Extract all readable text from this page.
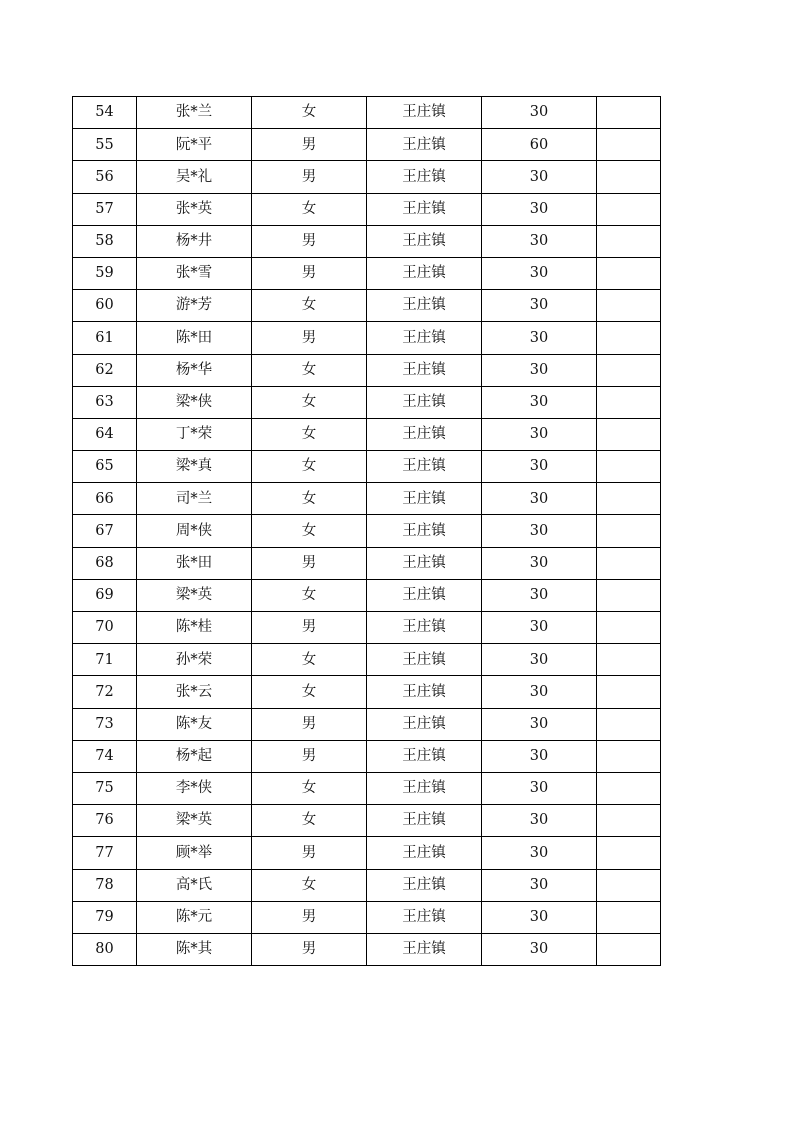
54	张*兰	女	王庄镇	30	
55	阮*平	男	王庄镇	60	
56	吴*礼	男	王庄镇	30	
57	张*英	女	王庄镇	30	
58	杨*井	男	王庄镇	30	
59	张*雪	男	王庄镇	30	
60	游*芳	女	王庄镇	30	
61	陈*田	男	王庄镇	30	
62	杨*华	女	王庄镇	30	
63	梁*侠	女	王庄镇	30	
64	丁*荣	女	王庄镇	30	
65	梁*真	女	王庄镇	30	
66	司*兰	女	王庄镇	30	
67	周*侠	女	王庄镇	30	
68	张*田	男	王庄镇	30	
69	梁*英	女	王庄镇	30	
70	陈*桂	男	王庄镇	30	
71	孙*荣	女	王庄镇	30	
72	张*云	女	王庄镇	30	
73	陈*友	男	王庄镇	30	
74	杨*起	男	王庄镇	30	
75	李*侠	女	王庄镇	30	
76	梁*英	女	王庄镇	30	
77	顾*举	男	王庄镇	30	
78	高*氏	女	王庄镇	30	
79	陈*元	男	王庄镇	30	
80	陈*其	男	王庄镇	30	
